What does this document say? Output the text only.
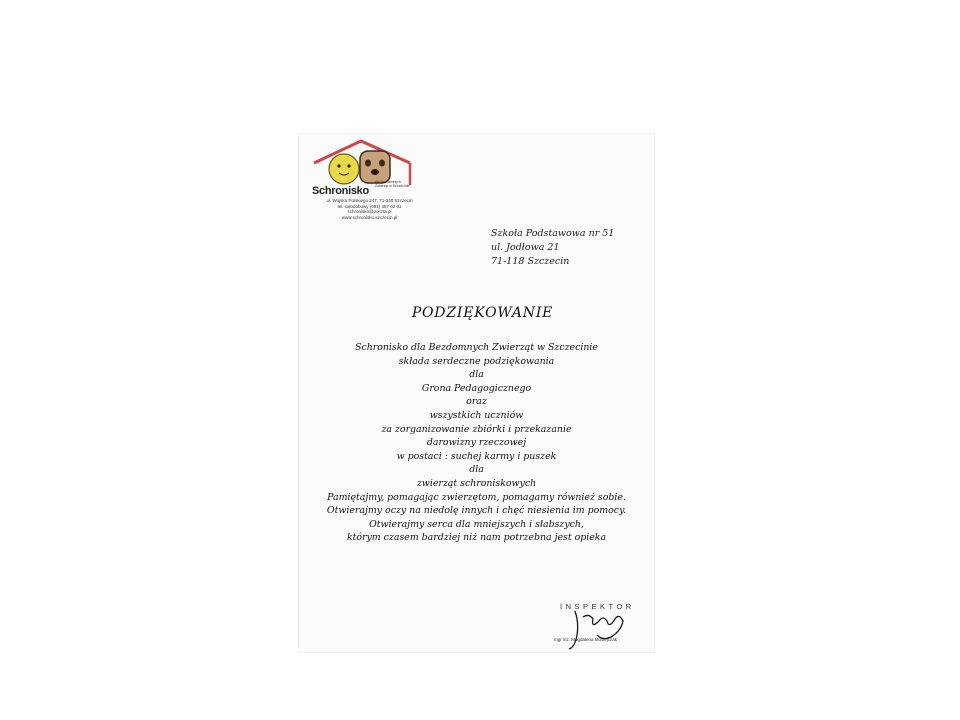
Schronisko
dla Bezdomnych Zwierząt w Szczecinie
ul. Wojska Polskiego 247, 71-340 Szczecin
tel. całodobowy (091) 487 02 61
schronisko@poczta.pl
www.schronisko.szczecin.pl
Szkoła Podstawowa nr 51
ul. Jodłowa 21
71-118 Szczecin
PODZIĘKOWANIE
Schronisko dla Bezdomnych Zwierząt w Szczecinie
składa serdeczne podziękowania
dla
Grona Pedagogicznego
oraz
wszystkich uczniów
za zorganizowanie zbiórki i przekazanie
darowizny rzeczowej
w postaci : suchej karmy i puszek
dla
zwierząt schroniskowych
Pamiętajmy, pomagając zwierzętom, pomagamy również sobie.
Otwierajmy oczy na niedolę innych i chęć niesienia im pomocy.
Otwierajmy serca dla mniejszych i słabszych,
którym czasem bardziej niż nam potrzebna jest opieka
INSPEKTOR
mgr inż. Magdalena Mosiejczak
